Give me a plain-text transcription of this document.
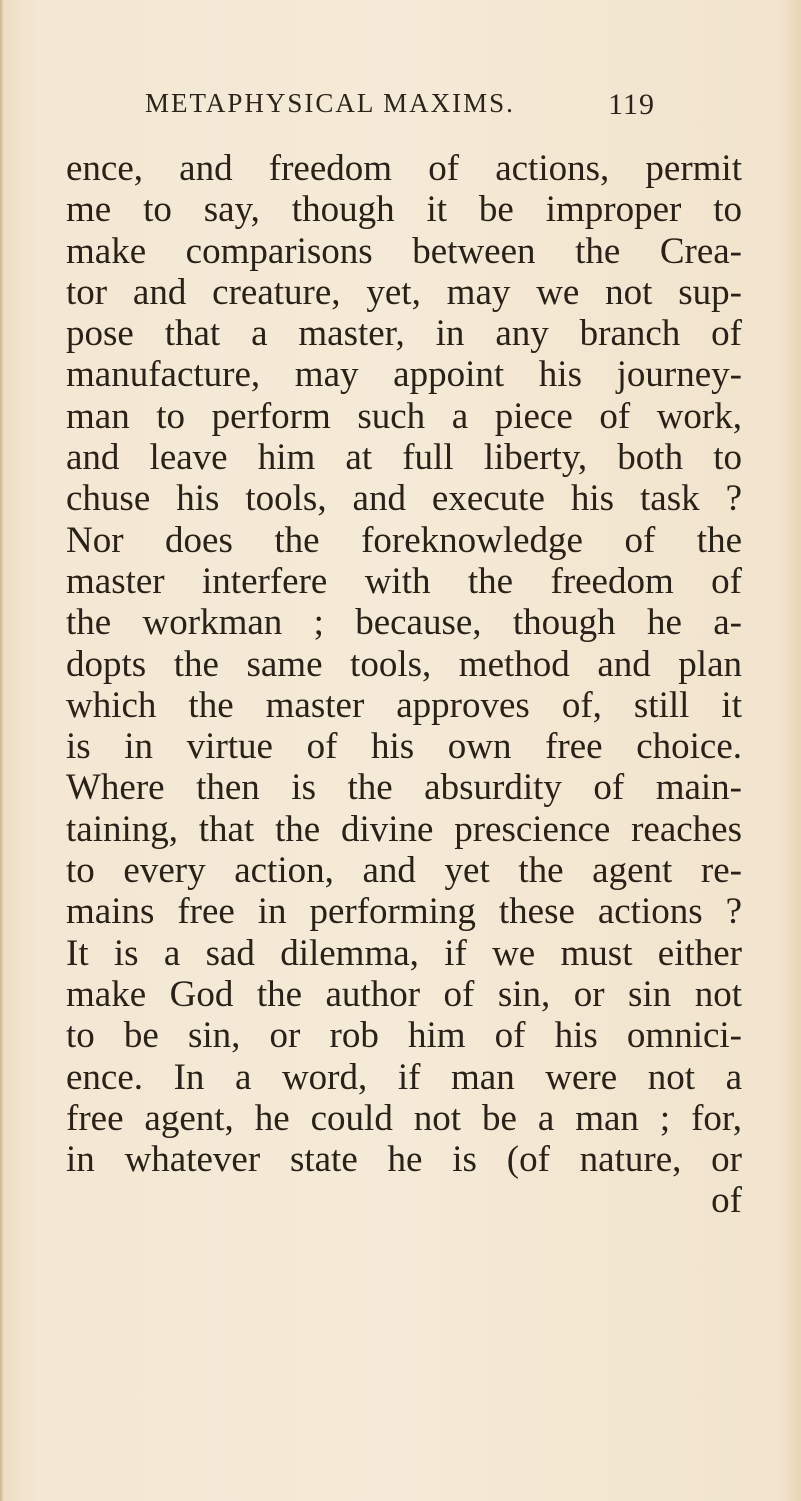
METAPHYSICAL MAXIMS.	119
ence, and freedom of actions, permit
me to say, though it be improper to
make comparisons between the Crea-
tor and creature, yet, may we not sup-
pose that a master, in any branch of
manufacture, may appoint his journey-
man to perform such a piece of work,
and leave him at full liberty, both to
chuse his tools, and execute his task ?
Nor does the foreknowledge of the
master interfere with the freedom of
the workman ; because, though he a-
dopts the same tools, method and plan
which the master approves of, still it
is in virtue of his own free choice.
Where then is the absurdity of main-
taining, that the divine prescience reaches
to every action, and yet the agent re-
mains free in performing these actions ?
It is a sad dilemma, if we must either
make God the author of sin, or sin not
to be sin, or rob him of his omnici-
ence. In a word, if man were not a
free agent, he could not be a man ; for,
in whatever state he is (of nature, or
of
